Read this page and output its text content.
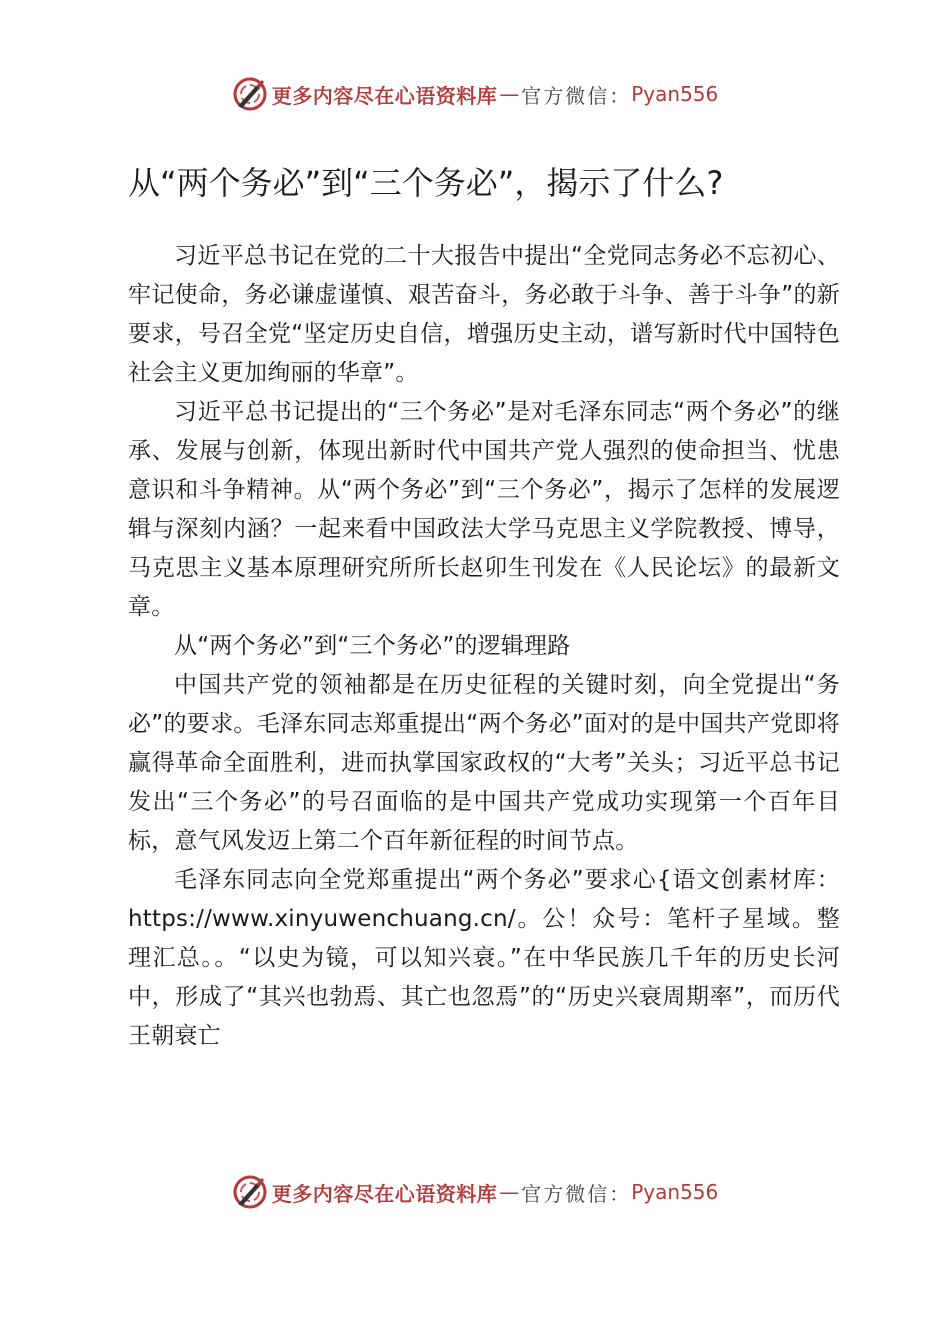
更多内容尽在心语资料库 — 官方微信： Pyan556
从“两个务必”到“三个务必”，揭示了什么?

习近平总书记在党的二十大报告中提出“全党同志务必不忘初心、牢记使命，务必谦虚谨慎、艰苦奋斗，务必敢于斗争、善于斗争”的新要求，号召全党“坚定历史自信，增强历史主动，谱写新时代中国特色社会主义更加绚丽的华章”。

习近平总书记提出的“三个务必”是对毛泽东同志“两个务必”的继承、发展与创新，体现出新时代中国共产党人强烈的使命担当、忧患意识和斗争精神。从“两个务必”到“三个务必”，揭示了怎样的发展逻辑与深刻内涵？一起来看中国政法大学马克思主义学院教授、博导，马克思主义基本原理研究所所长赵卯生刊发在《人民论坛》的最新文章。

从“两个务必”到“三个务必”的逻辑理路

中国共产党的领袖都是在历史征程的关键时刻，向全党提出“务必”的要求。毛泽东同志郑重提出“两个务必”面对的是中国共产党即将赢得革命全面胜利，进而执掌国家政权的“大考”关头；习近平总书记发出“三个务必”的号召面临的是中国共产党成功实现第一个百年目标，意气风发迈上第二个百年新征程的时间节点。

毛泽东同志向全党郑重提出“两个务必”要求心{语文创素材库：https://www.xinyuwenchuang.cn/。公！众号：笔杆子星域。整理汇总。。“以史为镜，可以知兴衰。”在中华民族几千年的历史长河中，形成了“其兴也勃焉、其亡也忽焉”的“历史兴衰周期率”，而历代王朝衰亡

更多内容尽在心语资料库 — 官方微信： Pyan556
